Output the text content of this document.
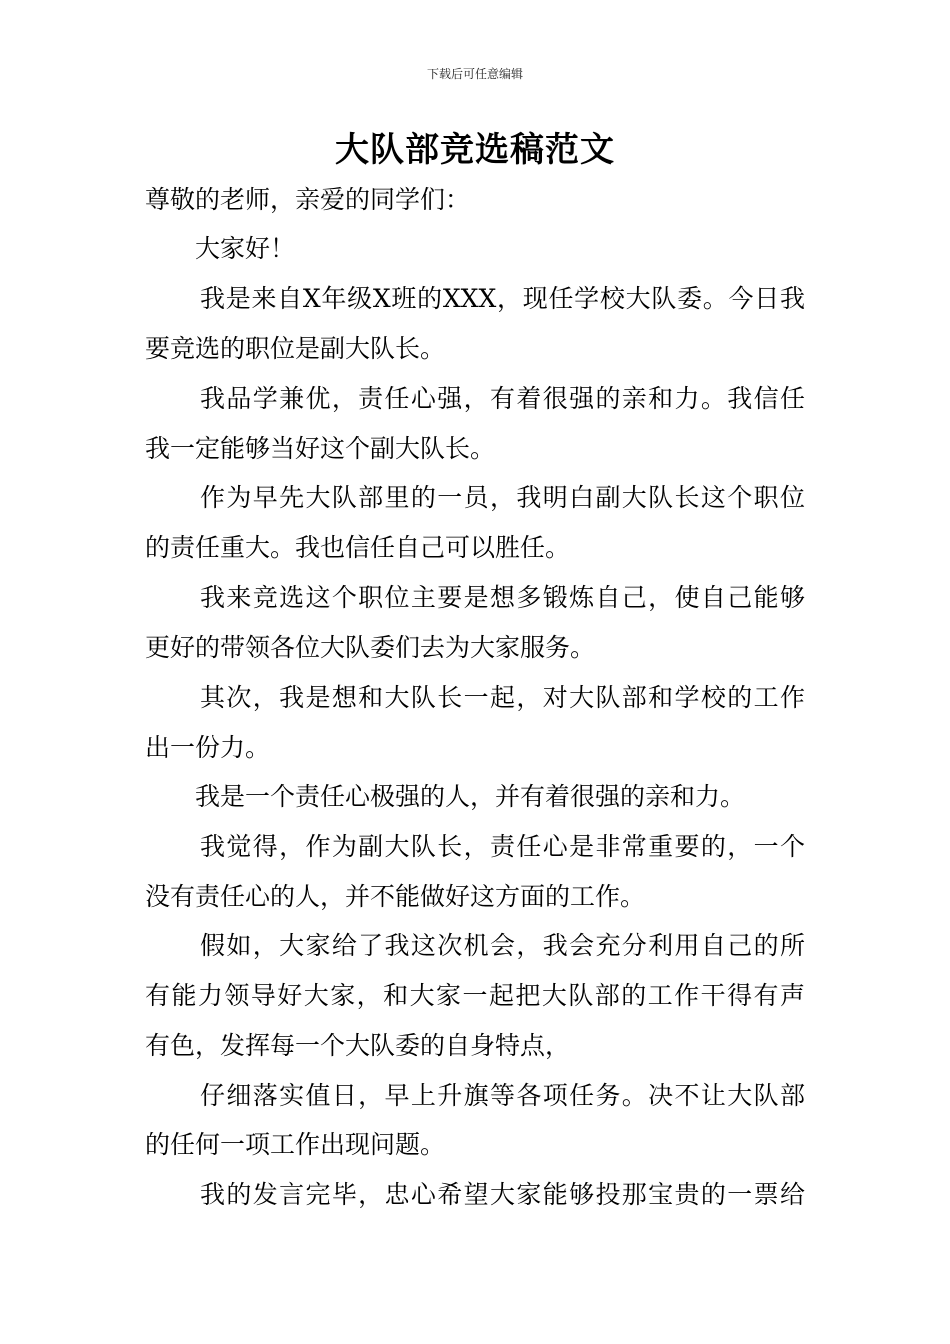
下载后可任意编辑
大队部竞选稿范文
尊敬的老师，亲爱的同学们：
大家好！
我是来自X年级X班的XXX，现任学校大队委。今日我
要竞选的职位是副大队长。
我品学兼优，责任心强，有着很强的亲和力。我信任
我一定能够当好这个副大队长。
作为早先大队部里的一员，我明白副大队长这个职位
的责任重大。我也信任自己可以胜任。
我来竞选这个职位主要是想多锻炼自己，使自己能够
更好的带领各位大队委们去为大家服务。
其次，我是想和大队长一起，对大队部和学校的工作
出一份力。
我是一个责任心极强的人，并有着很强的亲和力。
我觉得，作为副大队长，责任心是非常重要的，一个
没有责任心的人，并不能做好这方面的工作。
假如，大家给了我这次机会，我会充分利用自己的所
有能力领导好大家，和大家一起把大队部的工作干得有声
有色，发挥每一个大队委的自身特点，
仔细落实值日，早上升旗等各项任务。决不让大队部
的任何一项工作出现问题。
我的发言完毕，忠心希望大家能够投那宝贵的一票给
